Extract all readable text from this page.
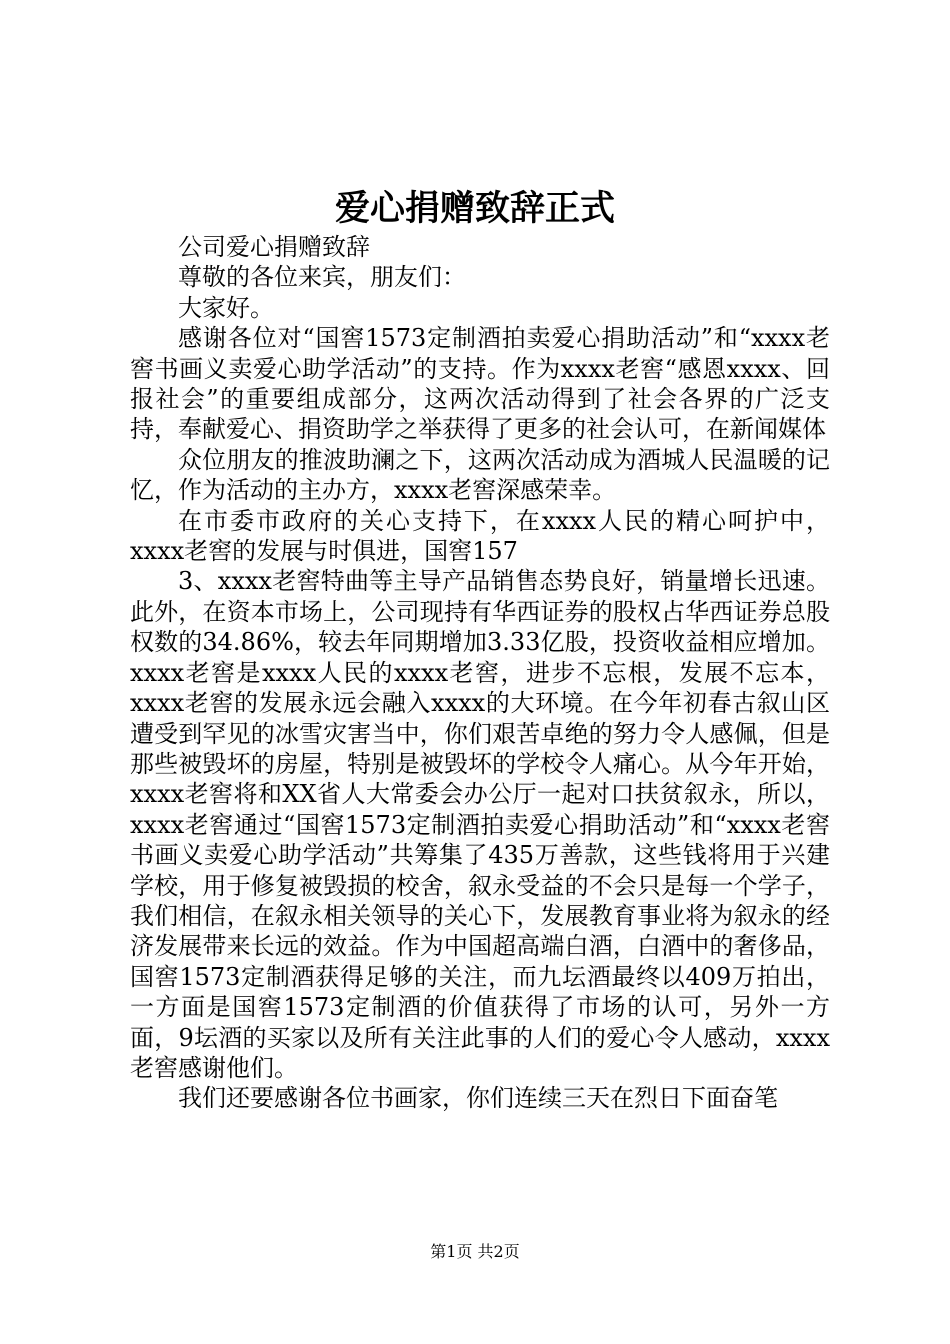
爱心捐赠致辞正式

公司爱心捐赠致辞

尊敬的各位来宾，朋友们：

大家好。

感谢各位对“国窖1573定制酒拍卖爱心捐助活动”和“xxxx老窖书画义卖爱心助学活动”的支持。作为xxxx老窖“感恩xxxx、回报社会”的重要组成部分，这两次活动得到了社会各界的广泛支持，奉献爱心、捐资助学之举获得了更多的社会认可，在新闻媒体

众位朋友的推波助澜之下，这两次活动成为酒城人民温暖的记忆，作为活动的主办方，xxxx老窖深感荣幸。

在市委市政府的关心支持下，在xxxx人民的精心呵护中，xxxx老窖的发展与时俱进，国窖157

3、xxxx老窖特曲等主导产品销售态势良好，销量增长迅速。此外，在资本市场上，公司现持有华西证券的股权占华西证券总股权数的34.86%，较去年同期增加3.33亿股，投资收益相应增加。xxxx老窖是xxxx人民的xxxx老窖，进步不忘根，发展不忘本，xxxx老窖的发展永远会融入xxxx的大环境。在今年初春古叙山区遭受到罕见的冰雪灾害当中，你们艰苦卓绝的努力令人感佩，但是那些被毁坏的房屋，特别是被毁坏的学校令人痛心。从今年开始，xxxx老窖将和XX省人大常委会办公厅一起对口扶贫叙永，所以，xxxx老窖通过“国窖1573定制酒拍卖爱心捐助活动”和“xxxx老窖书画义卖爱心助学活动”共筹集了435万善款，这些钱将用于兴建学校，用于修复被毁损的校舍，叙永受益的不会只是每一个学子，我们相信，在叙永相关领导的关心下，发展教育事业将为叙永的经济发展带来长远的效益。作为中国超高端白酒，白酒中的奢侈品，国窖1573定制酒获得足够的关注，而九坛酒最终以409万拍出，一方面是国窖1573定制酒的价值获得了市场的认可，另外一方面，9坛酒的买家以及所有关注此事的人们的爱心令人感动，xxxx老窖感谢他们。

我们还要感谢各位书画家，你们连续三天在烈日下面奋笔

第1页 共2页
